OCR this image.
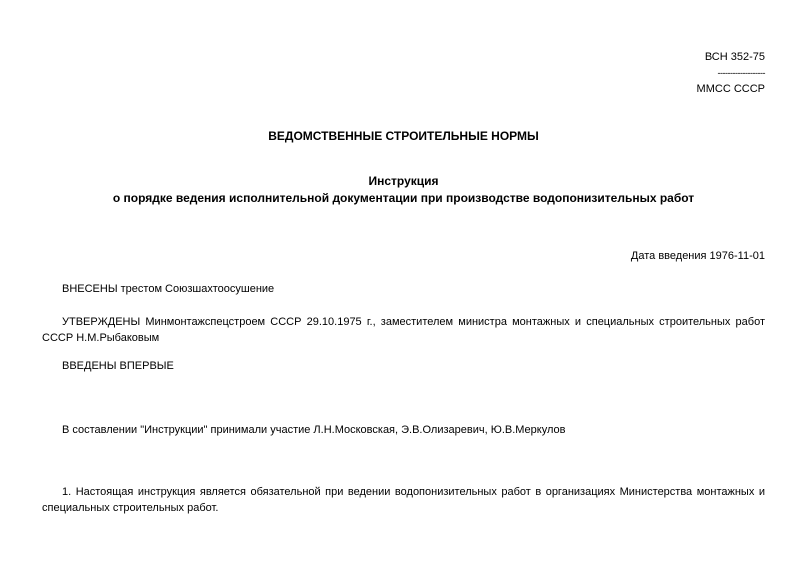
ВСН 352-75
-------------------
ММСС СССР
ВЕДОМСТВЕННЫЕ СТРОИТЕЛЬНЫЕ НОРМЫ
Инструкция
о порядке ведения исполнительной документации при производстве водопонизительных работ
Дата введения 1976-11-01
ВНЕСЕНЫ трестом Союзшахтоосушение
УТВЕРЖДЕНЫ Минмонтажспецстроем СССР 29.10.1975 г., заместителем министра монтажных и специальных строительных работ СССР Н.М.Рыбаковым
ВВЕДЕНЫ ВПЕРВЫЕ
В составлении "Инструкции" принимали участие Л.Н.Московская, Э.В.Олизаревич, Ю.В.Меркулов
1. Настоящая инструкция является обязательной при ведении водопонизительных работ в организациях Министерства монтажных и специальных строительных работ.
